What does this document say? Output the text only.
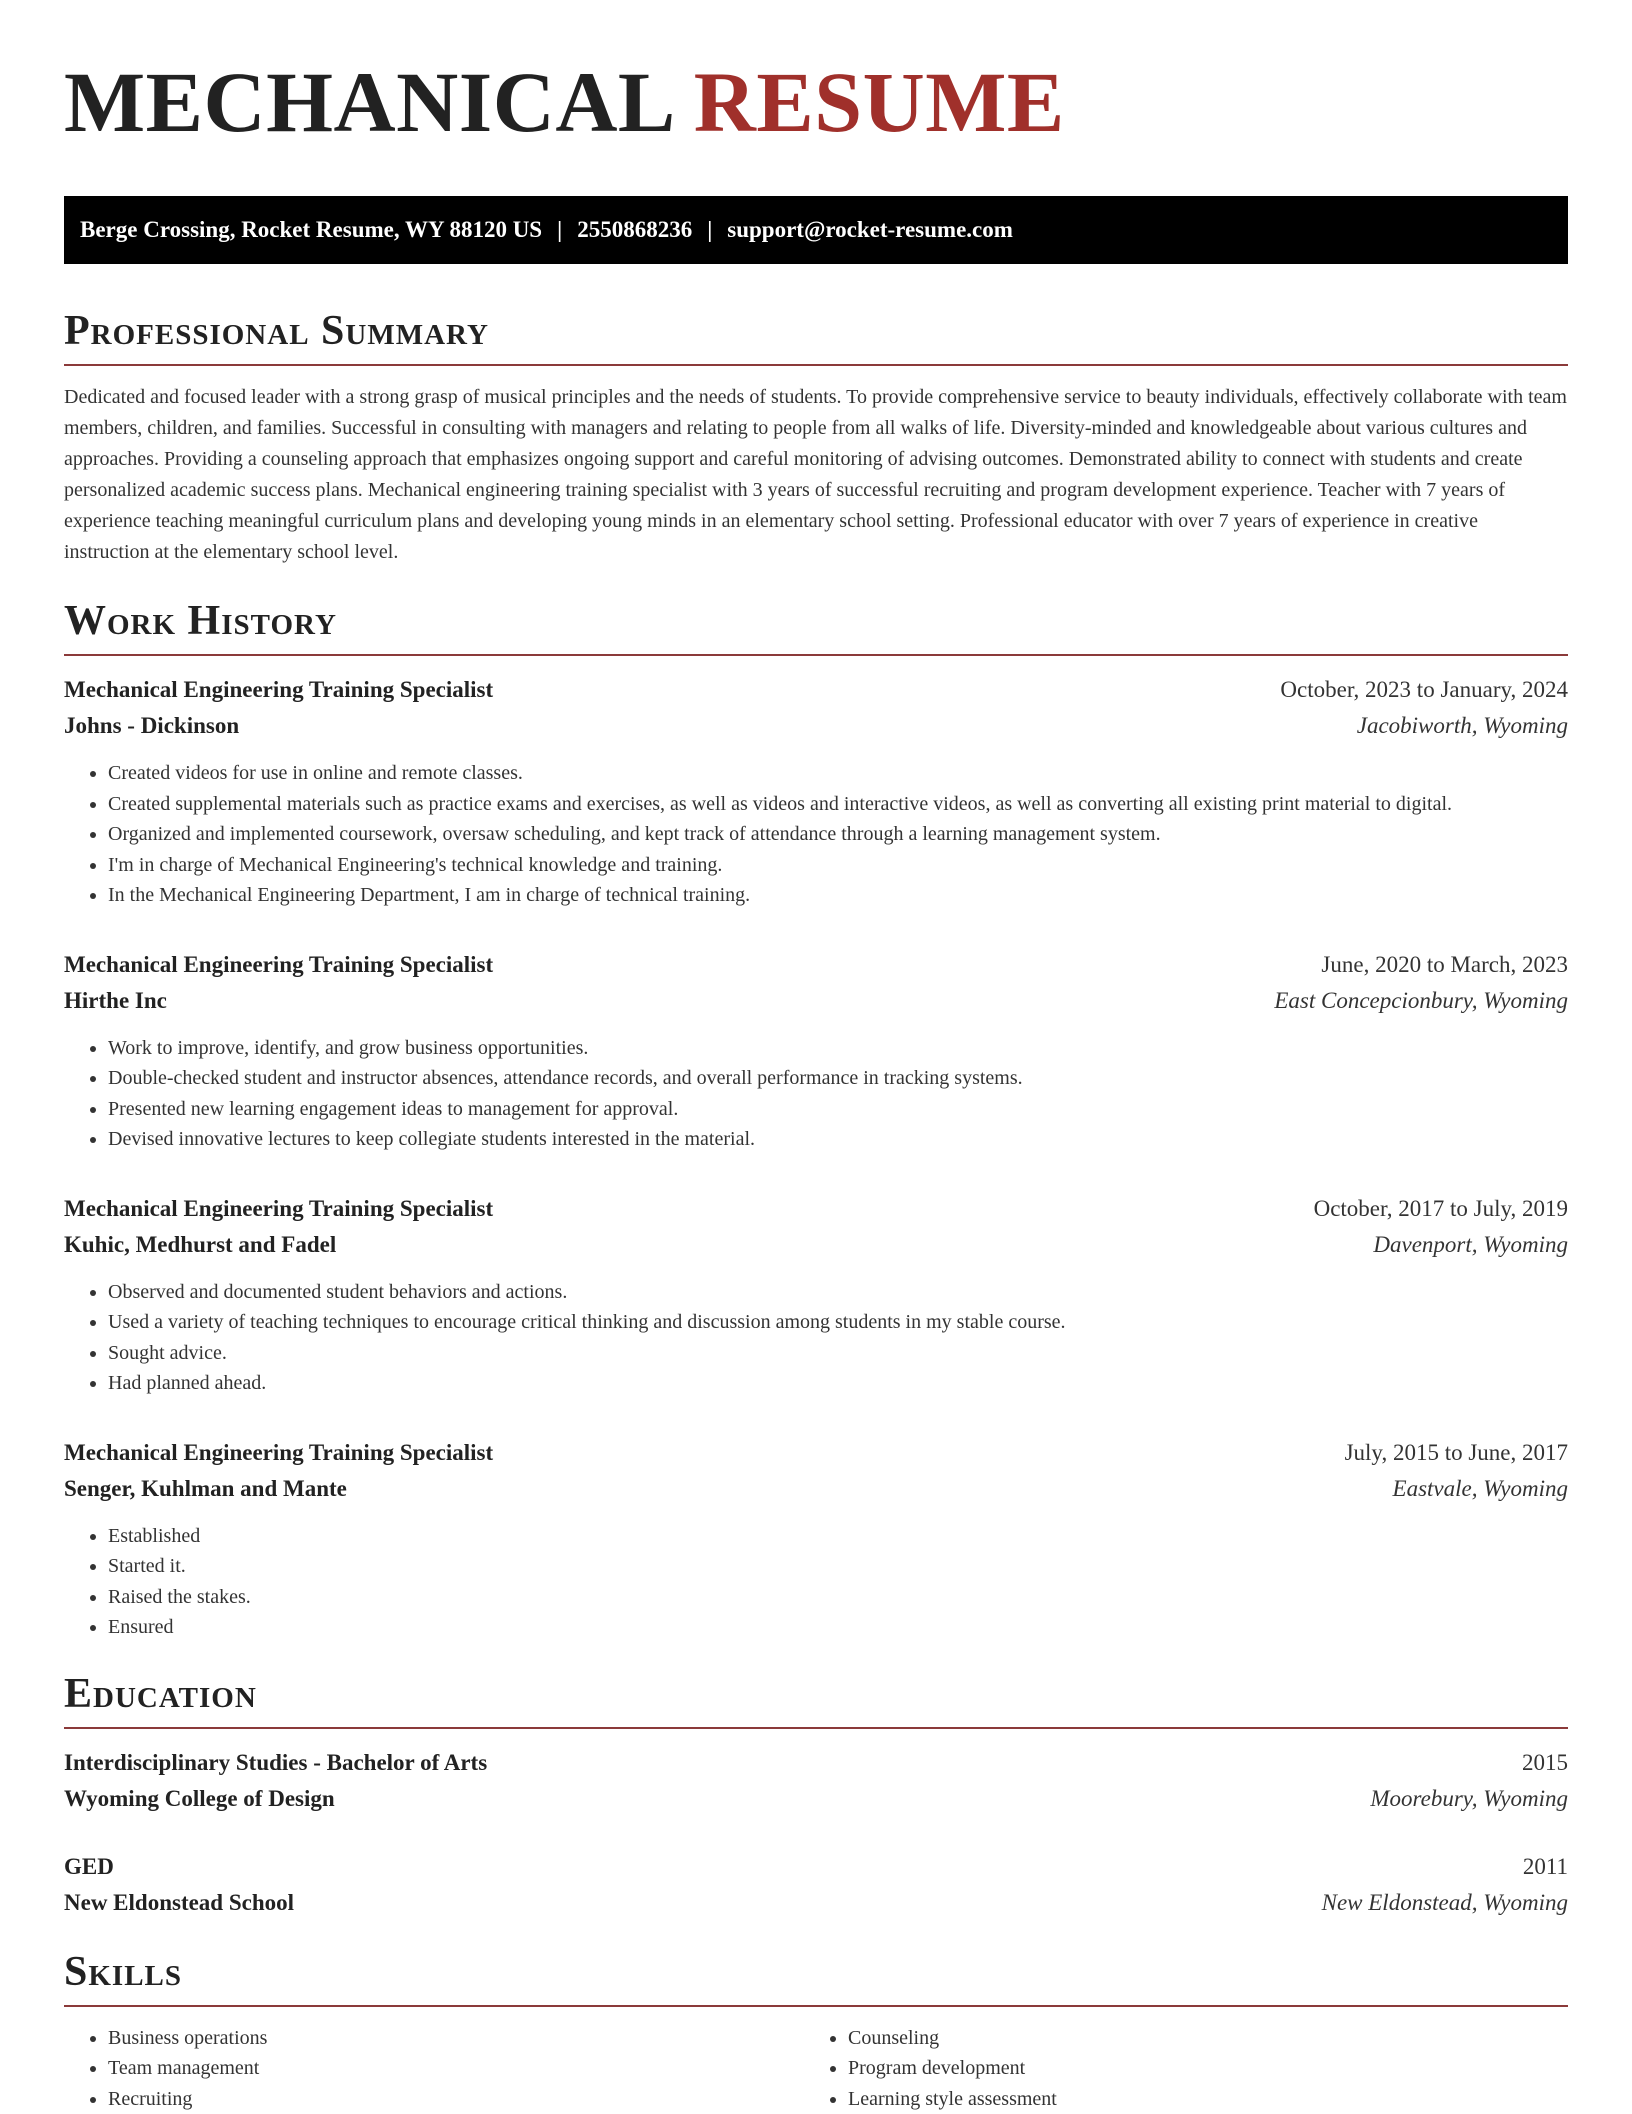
MECHANICAL RESUME
Berge Crossing, Rocket Resume, WY 88120 US | 2550868236 | support@rocket-resume.com
Professional Summary

Dedicated and focused leader with a strong grasp of musical principles and the needs of students. To provide comprehensive service to beauty individuals, effectively collaborate with team members, children, and families. Successful in consulting with managers and relating to people from all walks of life. Diversity-minded and knowledgeable about various cultures and approaches. Providing a counseling approach that emphasizes ongoing support and careful monitoring of advising outcomes. Demonstrated ability to connect with students and create personalized academic success plans. Mechanical engineering training specialist with 3 years of successful recruiting and program development experience. Teacher with 7 years of experience teaching meaningful curriculum plans and developing young minds in an elementary school setting. Professional educator with over 7 years of experience in creative instruction at the elementary school level.

Work History
Mechanical Engineering Training Specialist	October, 2023 to January, 2024
Johns - Dickinson	Jacobiworth, Wyoming
• Created videos for use in online and remote classes.
• Created supplemental materials such as practice exams and exercises, as well as videos and interactive videos, as well as converting all existing print material to digital.
• Organized and implemented coursework, oversaw scheduling, and kept track of attendance through a learning management system.
• I'm in charge of Mechanical Engineering's technical knowledge and training.
• In the Mechanical Engineering Department, I am in charge of technical training.
Mechanical Engineering Training Specialist	June, 2020 to March, 2023
Hirthe Inc	East Concepcionbury, Wyoming
• Work to improve, identify, and grow business opportunities.
• Double-checked student and instructor absences, attendance records, and overall performance in tracking systems.
• Presented new learning engagement ideas to management for approval.
• Devised innovative lectures to keep collegiate students interested in the material.
Mechanical Engineering Training Specialist	October, 2017 to July, 2019
Kuhic, Medhurst and Fadel	Davenport, Wyoming
• Observed and documented student behaviors and actions.
• Used a variety of teaching techniques to encourage critical thinking and discussion among students in my stable course.
• Sought advice.
• Had planned ahead.
Mechanical Engineering Training Specialist	July, 2015 to June, 2017
Senger, Kuhlman and Mante	Eastvale, Wyoming
• Established
• Started it.
• Raised the stakes.
• Ensured
Education
Interdisciplinary Studies - Bachelor of Arts	2015
Wyoming College of Design	Moorebury, Wyoming
GED	2011
New Eldonstead School	New Eldonstead, Wyoming
Skills
• Business operations
• Team management
• Recruiting
• Counseling
• Program development
• Learning style assessment
